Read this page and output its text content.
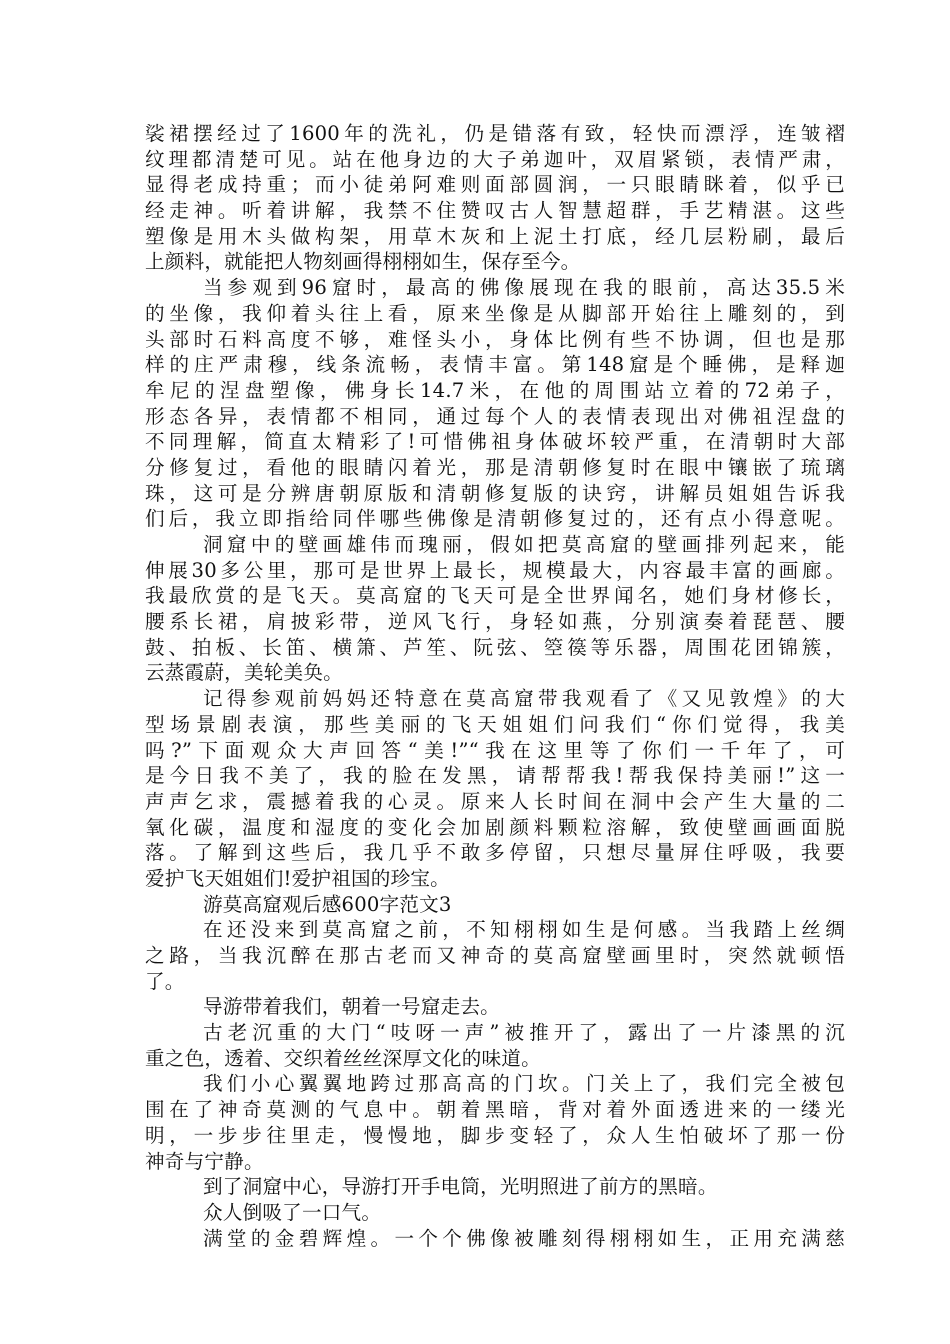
裟裙摆经过了1600年的洗礼，仍是错落有致，轻快而漂浮，连皱褶
纹理都清楚可见。站在他身边的大子弟迦叶，双眉紧锁，表情严肃，
显得老成持重；而小徒弟阿难则面部圆润，一只眼睛眯着，似乎已
经走神。听着讲解，我禁不住赞叹古人智慧超群，手艺精湛。这些
塑像是用木头做构架，用草木灰和上泥土打底，经几层粉刷，最后
上颜料，就能把人物刻画得栩栩如生，保存至今。
当参观到96窟时，最高的佛像展现在我的眼前，高达35.5米
的坐像，我仰着头往上看，原来坐像是从脚部开始往上雕刻的，到
头部时石料高度不够，难怪头小，身体比例有些不协调，但也是那
样的庄严肃穆，线条流畅，表情丰富。第148窟是个睡佛，是释迦
牟尼的涅盘塑像，佛身长14.7米，在他的周围站立着的72弟子，
形态各异，表情都不相同，通过每个人的表情表现出对佛祖涅盘的
不同理解，简直太精彩了!可惜佛祖身体破坏较严重，在清朝时大部
分修复过，看他的眼睛闪着光，那是清朝修复时在眼中镶嵌了琉璃
珠，这可是分辨唐朝原版和清朝修复版的诀窍，讲解员姐姐告诉我
们后，我立即指给同伴哪些佛像是清朝修复过的，还有点小得意呢。
洞窟中的壁画雄伟而瑰丽，假如把莫高窟的壁画排列起来，能
伸展30多公里，那可是世界上最长，规模最大，内容最丰富的画廊。
我最欣赏的是飞天。莫高窟的飞天可是全世界闻名，她们身材修长，
腰系长裙，肩披彩带，逆风飞行，身轻如燕，分别演奏着琵琶、腰
鼓、拍板、长笛、横箫、芦笙、阮弦、箜篌等乐器，周围花团锦簇，
云蒸霞蔚，美轮美奂。
记得参观前妈妈还特意在莫高窟带我观看了《又见敦煌》的大
型场景剧表演，那些美丽的飞天姐姐们问我们“你们觉得，我美
吗?”下面观众大声回答“美!”“我在这里等了你们一千年了，可
是今日我不美了，我的脸在发黑，请帮帮我!帮我保持美丽!”这一
声声乞求，震撼着我的心灵。原来人长时间在洞中会产生大量的二
氧化碳，温度和湿度的变化会加剧颜料颗粒溶解，致使壁画画面脱
落。了解到这些后，我几乎不敢多停留，只想尽量屏住呼吸，我要
爱护飞天姐姐们!爱护祖国的珍宝。
游莫高窟观后感600字范文3
在还没来到莫高窟之前，不知栩栩如生是何感。当我踏上丝绸
之路，当我沉醉在那古老而又神奇的莫高窟壁画里时，突然就顿悟
了。
导游带着我们，朝着一号窟走去。
古老沉重的大门“吱呀一声”被推开了，露出了一片漆黑的沉
重之色，透着、交织着丝丝深厚文化的味道。
我们小心翼翼地跨过那高高的门坎。门关上了，我们完全被包
围在了神奇莫测的气息中。朝着黑暗，背对着外面透进来的一缕光
明，一步步往里走，慢慢地，脚步变轻了，众人生怕破坏了那一份
神奇与宁静。
到了洞窟中心，导游打开手电筒，光明照进了前方的黑暗。
众人倒吸了一口气。
满堂的金碧辉煌。一个个佛像被雕刻得栩栩如生，正用充满慈
